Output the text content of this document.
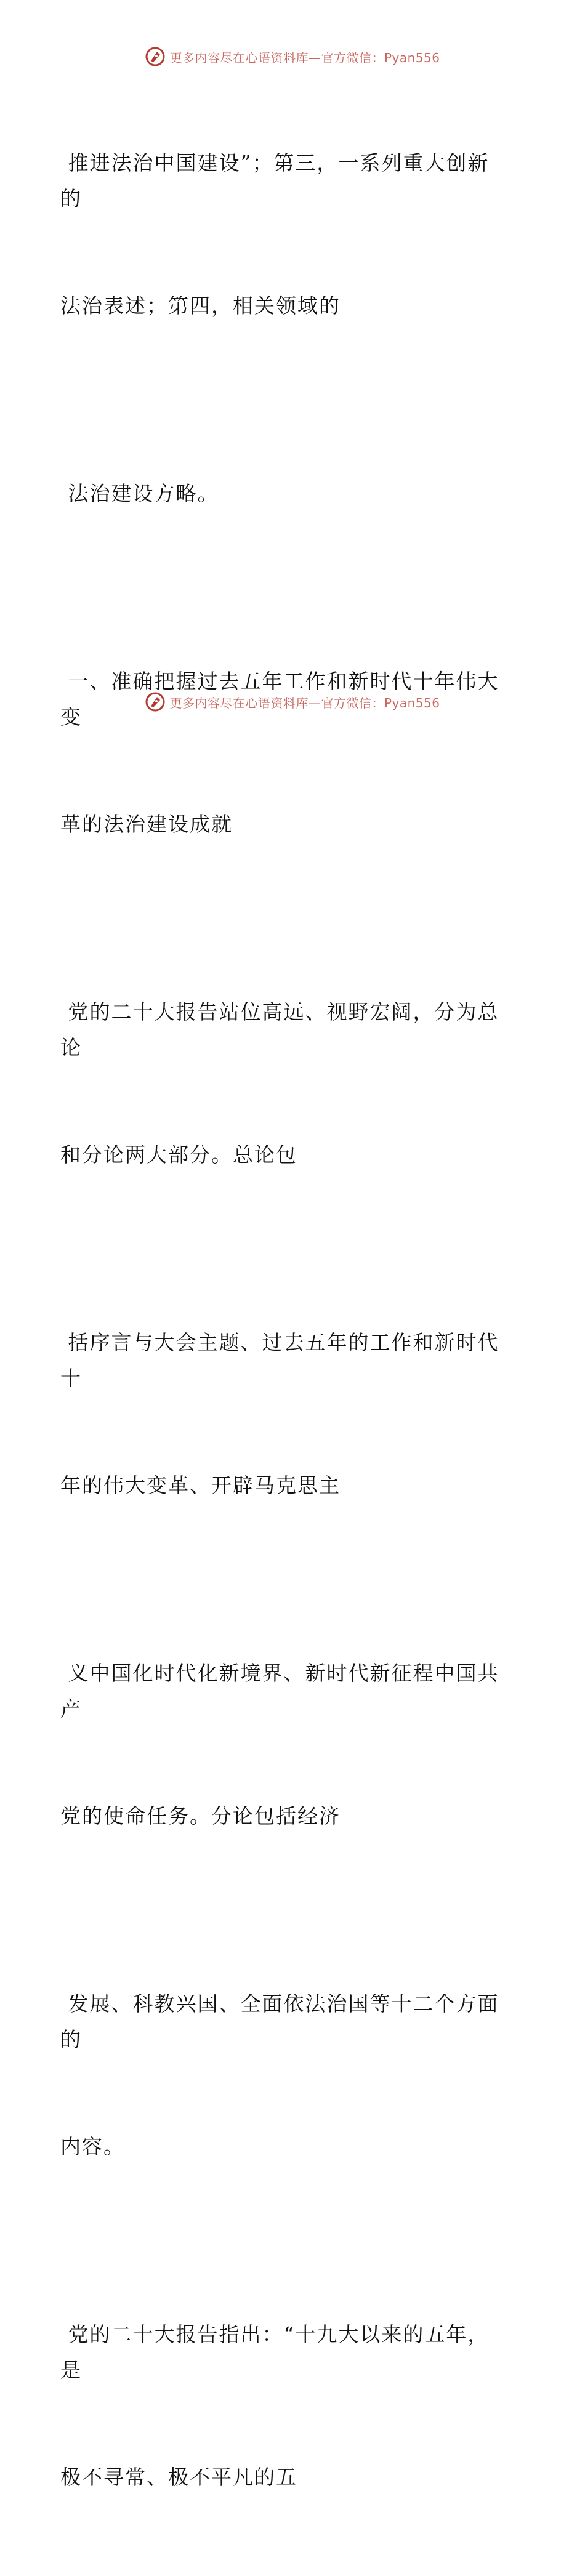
更多内容尽在心语资料库—官方微信：Pyan556

推进法治中国建设”；第三，一系列重大创新的

法治表述；第四，相关领域的

法治建设方略。

一、准确把握过去五年工作和新时代十年伟大变

革的法治建设成就

党的二十大报告站位高远、视野宏阔，分为总论

和分论两大部分。总论包

括序言与大会主题、过去五年的工作和新时代十

年的伟大变革、开辟马克思主

义中国化时代化新境界、新时代新征程中国共产

党的使命任务。分论包括经济

发展、科教兴国、全面依法治国等十二个方面的

内容。

党的二十大报告指出：“十九大以来的五年，是

极不寻常、极不平凡的五

更多内容尽在心语资料库—官方微信：Pyan556
